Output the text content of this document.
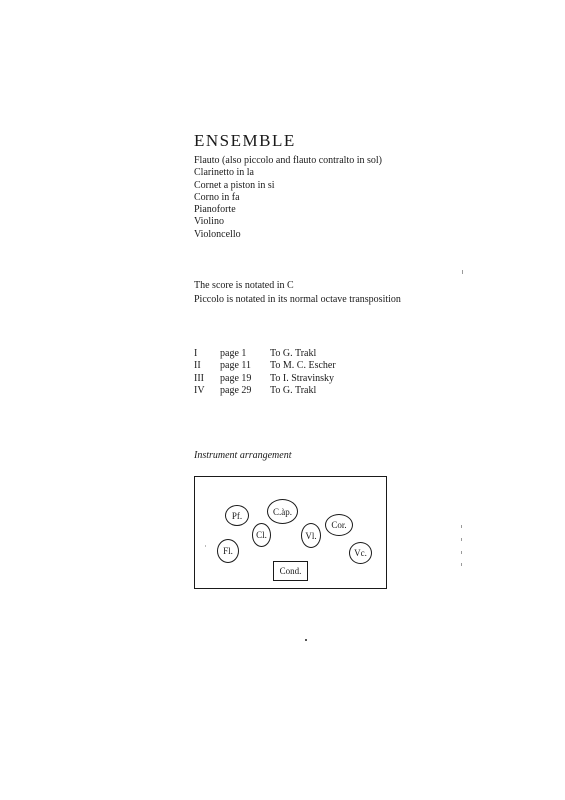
ENSEMBLE
Flauto (also piccolo and flauto contralto in sol)
Clarinetto in la
Cornet a piston in si
Corno in fa
Pianoforte
Violino
Violoncello
The score is notated in C
Piccolo is notated in its normal octave transposition
I page 1 To G. Trakl
II page 11 To M. C. Escher
III page 19 To I. Stravinsky
IV page 29 To G. Trakl
Instrument arrangement
Pf.	C.àp.
Cl.	Vl.
Cor.
Fl.	Vc.
Cond.
